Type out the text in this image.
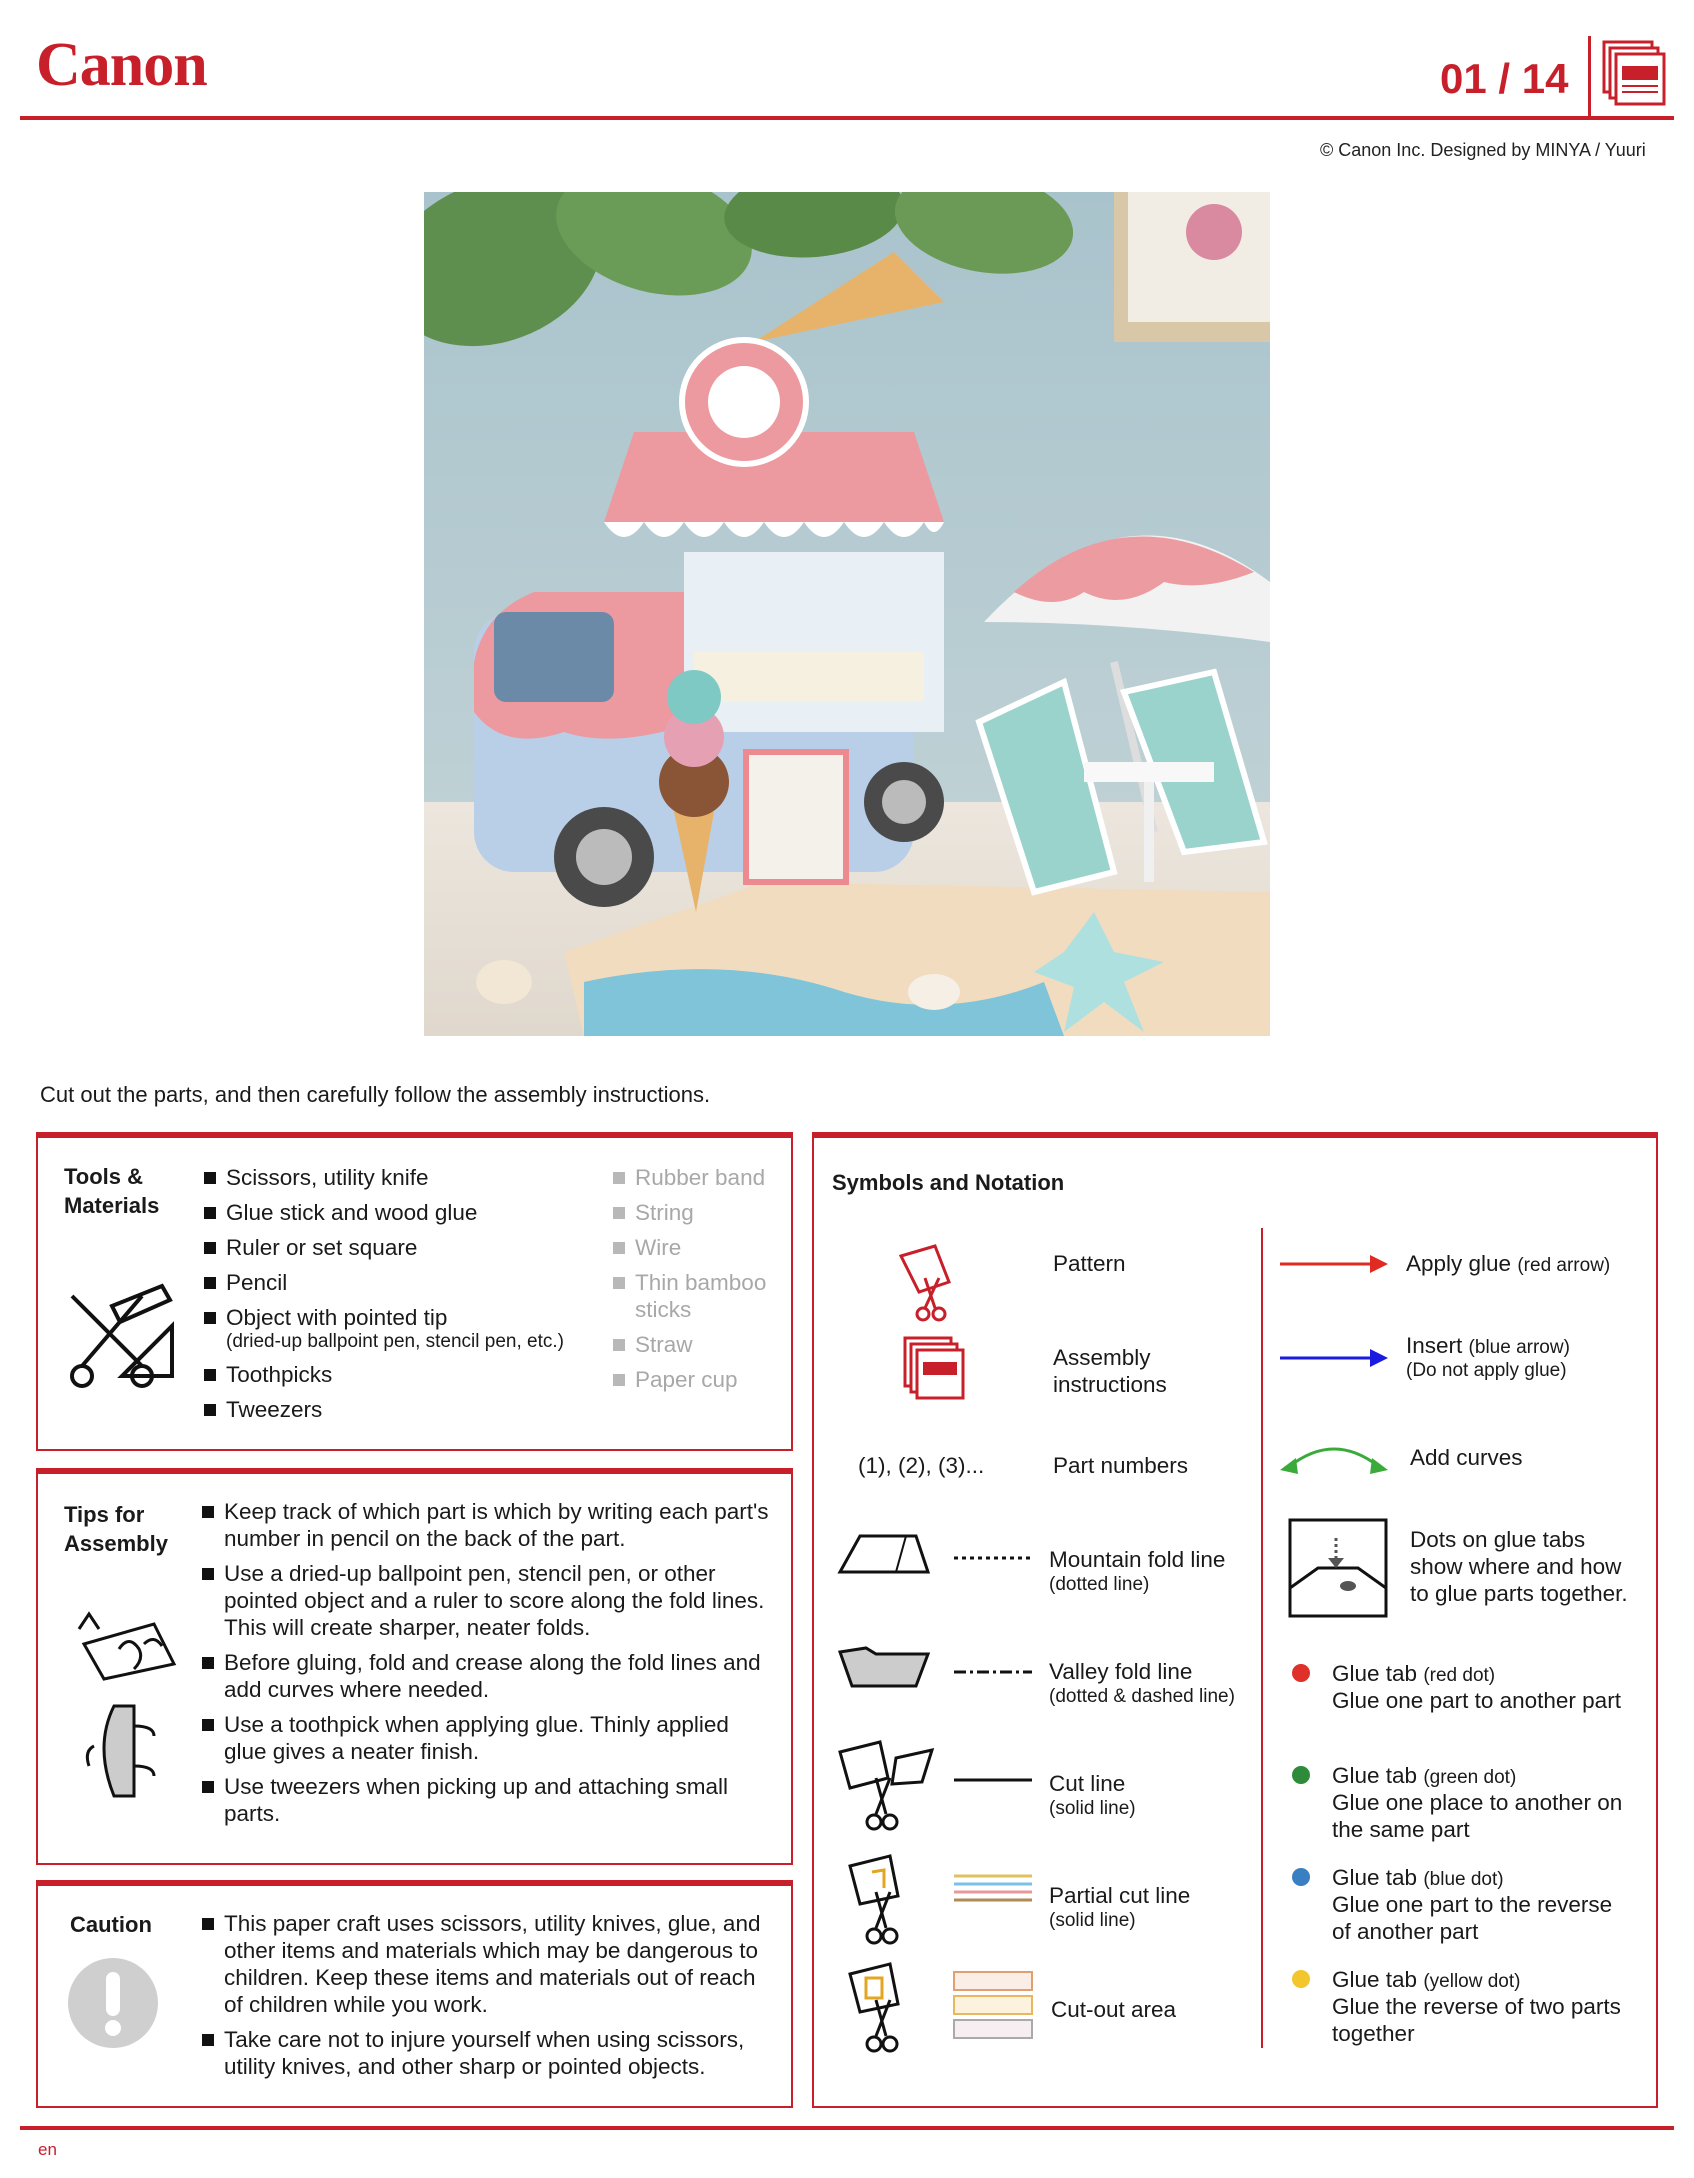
Canon	01 / 14
© Canon Inc. Designed by MINYA / Yuuri
Cut out the parts, and then carefully follow the assembly instructions.
Tools &
Materials
Scissors, utility knife
Glue stick and wood glue
Ruler or set square
Pencil
Object with pointed tip
(dried-up ballpoint pen, stencil pen, etc.)
Toothpicks
Tweezers
Rubber band
String
Wire
Thin bamboo sticks
Straw
Paper cup
Tips for
Assembly
Keep track of which part is which by writing each part's number in pencil on the back of the part.
Use a dried-up ballpoint pen, stencil pen, or other pointed object and a ruler to score along the fold lines. This will create sharper, neater folds.
Before gluing, fold and crease along the fold lines and add curves where needed.
Use a toothpick when applying glue. Thinly applied glue gives a neater finish.
Use tweezers when picking up and attaching small parts.
Caution	This paper craft uses scissors, utility knives, glue, and other items and materials which may be dangerous to children. Keep these items and materials out of reach of children while you work.
Take care not to injure yourself when using scissors, utility knives, and other sharp or pointed objects.
Symbols and Notation
Pattern
Assembly
instructions
(1), (2), (3)...	Part numbers
Mountain fold line
(dotted line)
Valley fold line
(dotted & dashed line)
Cut line
(solid line)
Partial cut line
(solid line)
Cut-out area
Apply glue (red arrow)
Insert (blue arrow)
(Do not apply glue)
Add curves
Dots on glue tabs
show where and how
to glue parts together.
Glue tab (red dot)
Glue one part to another part
Glue tab (green dot)
Glue one place to another on
the same part
Glue tab (blue dot)
Glue one part to the reverse
of another part
Glue tab (yellow dot)
Glue the reverse of two parts
together
en
